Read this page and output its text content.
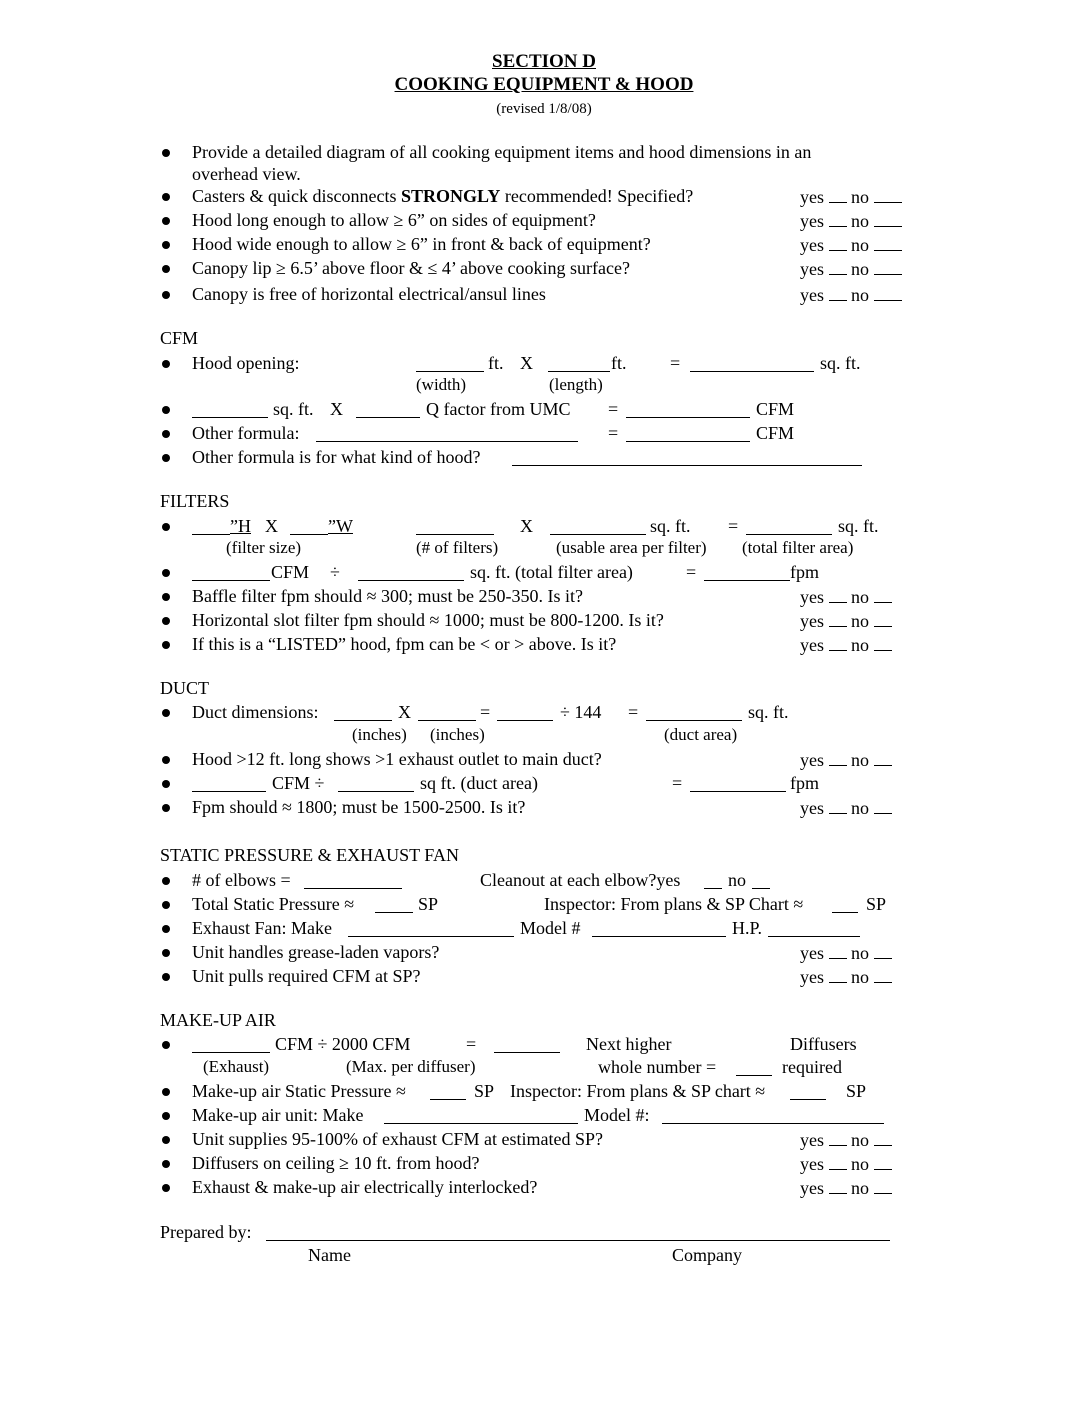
SECTION D
COOKING EQUIPMENT & HOOD
(revised 1/8/08)
Provide a detailed diagram of all cooking equipment items and hood dimensions in an
overhead view.
Casters & quick disconnects STRONGLY recommended! Specified?	yes no
Hood long enough to allow ≥ 6” on sides of equipment?	yes no
Hood wide enough to allow ≥ 6” in front & back of equipment?	yes no
Canopy lip ≥ 6.5’ above floor & ≤ 4’ above cooking surface?	yes no
Canopy is free of horizontal electrical/ansul lines	yes no
CFM
Hood opening:	ft. X	ft. =	sq. ft.
(width)	(length)
sq. ft. X	Q factor from UMC =	CFM
Other formula:	=	CFM
Other formula is for what kind of hood?
FILTERS
”H X	”W	X	sq. ft. =	sq. ft.
(filter size)	(# of filters)	(usable area per filter) (total filter area)
CFM ÷	sq. ft. (total filter area)	=	fpm
Baffle filter fpm should ≈ 300; must be 250-350. Is it?	yes no
Horizontal slot filter fpm should ≈ 1000; must be 800-1200. Is it?	yes no
If this is a “LISTED” hood, fpm can be < or > above. Is it?	yes no
DUCT
Duct dimensions:	X	=	÷ 144 =	sq. ft.
(inches) (inches)	(duct area)
Hood >12 ft. long shows >1 exhaust outlet to main duct?	yes no
CFM ÷	sq ft. (duct area)	=	fpm
Fpm should ≈ 1800; must be 1500-2500. Is it?	yes no
STATIC PRESSURE & EXHAUST FAN
# of elbows =	Cleanout at each elbow?yes	no
Total Static Pressure ≈	SP	Inspector: From plans & SP Chart ≈	SP
Exhaust Fan: Make	Model #	H.P.
Unit handles grease-laden vapors?	yes no
Unit pulls required CFM at SP?	yes no
MAKE-UP AIR
CFM ÷ 2000 CFM	=	Next higher	Diffusers
(Exhaust)	(Max. per diffuser)	whole number =	required
Make-up air Static Pressure ≈	SP Inspector: From plans & SP chart ≈	SP
Make-up air unit: Make	Model #:
Unit supplies 95-100% of exhaust CFM at estimated SP?	yes no
Diffusers on ceiling ≥ 10 ft. from hood?	yes no
Exhaust & make-up air electrically interlocked?	yes no
Prepared by:
Name	Company
